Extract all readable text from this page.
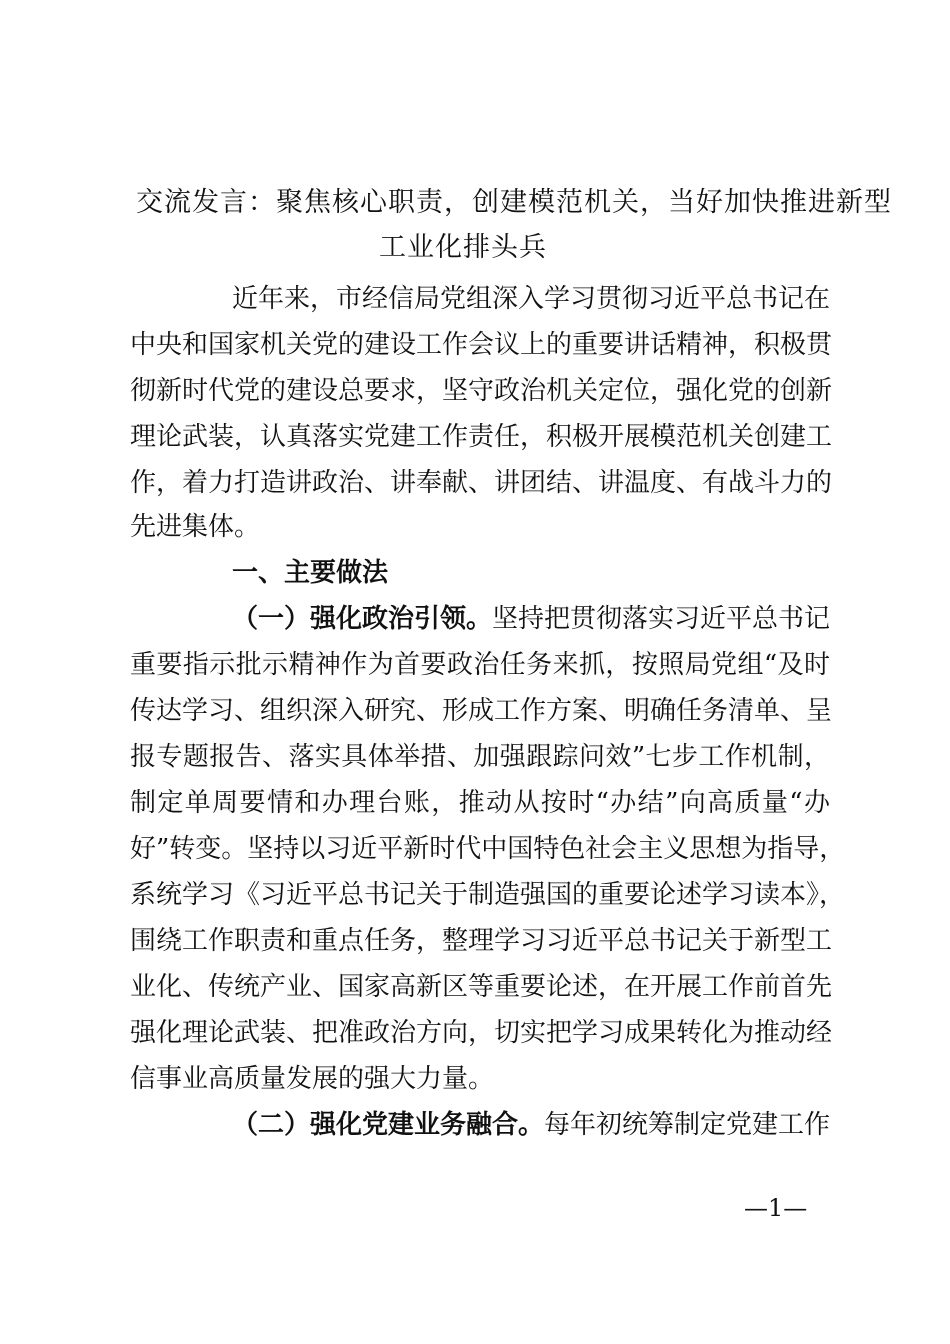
交流发言：聚焦核心职责，创建模范机关，当好加快推进新型
工业化排头兵
近年来，市经信局党组深入学习贯彻习近平总书记在
中央和国家机关党的建设工作会议上的重要讲话精神，积极贯
彻新时代党的建设总要求，坚守政治机关定位，强化党的创新
理论武装，认真落实党建工作责任，积极开展模范机关创建工
作，着力打造讲政治、讲奉献、讲团结、讲温度、有战斗力的
先进集体。
一、主要做法
（一）强化政治引领。坚持把贯彻落实习近平总书记
重要指示批示精神作为首要政治任务来抓，按照局党组“及时
传达学习、组织深入研究、形成工作方案、明确任务清单、呈
报专题报告、落实具体举措、加强跟踪问效”七步工作机制，
制定单周要情和办理台账，推动从按时“办结”向高质量“办
好”转变。坚持以习近平新时代中国特色社会主义思想为指导，
系统学习《习近平总书记关于制造强国的重要论述学习读本》，
围绕工作职责和重点任务，整理学习习近平总书记关于新型工
业化、传统产业、国家高新区等重要论述，在开展工作前首先
强化理论武装、把准政治方向，切实把学习成果转化为推动经
信事业高质量发展的强大力量。
（二）强化党建业务融合。每年初统筹制定党建工作
—1—
